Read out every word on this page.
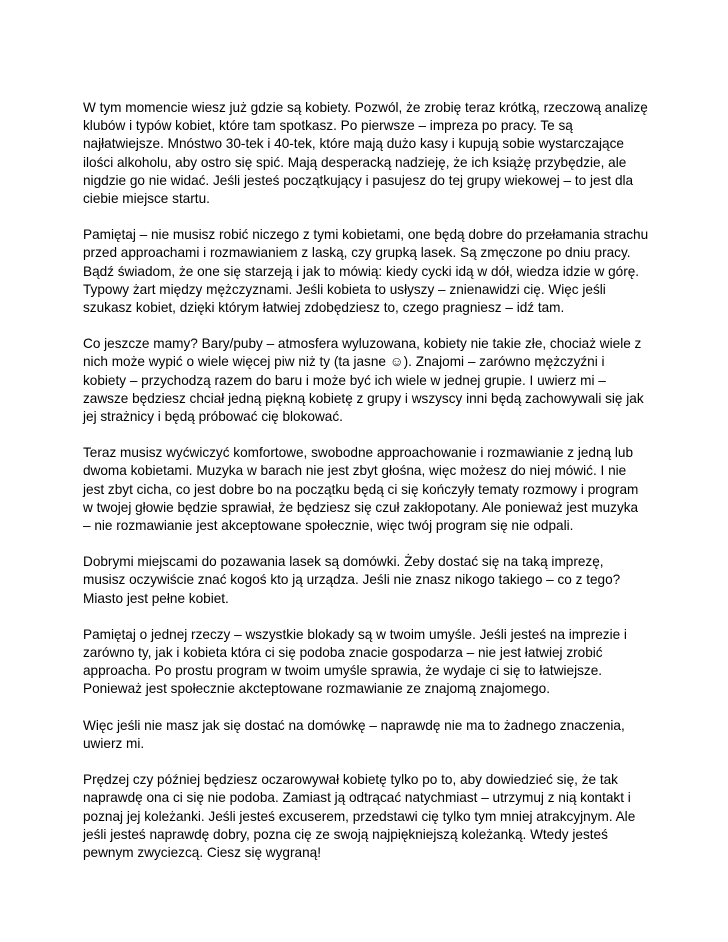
W tym momencie wiesz już gdzie są kobiety. Pozwól, że zrobię teraz krótką, rzeczową analizę klubów i typów kobiet, które tam spotkasz. Po pierwsze – impreza po pracy. Te są najłatwiejsze. Mnóstwo 30-tek i 40-tek, które mają dużo kasy i kupują sobie wystarczające ilości alkoholu, aby ostro się spić. Mają desperacką nadzieję, że ich książę przybędzie, ale nigdzie go nie widać. Jeśli jesteś początkujący i pasujesz do tej grupy wiekowej – to jest dla ciebie miejsce startu.

Pamiętaj – nie musisz robić niczego z tymi kobietami, one będą dobre do przełamania strachu przed approachami i rozmawianiem z laską, czy grupką lasek. Są zmęczone po dniu pracy. Bądź świadom, że one się starzeją i jak to mówią: kiedy cycki idą w dół, wiedza idzie w górę. Typowy żart między mężczyznami. Jeśli kobieta to usłyszy – znienawidzi cię. Więc jeśli szukasz kobiet, dzięki którym łatwiej zdobędziesz to, czego pragniesz – idź tam.

Co jeszcze mamy? Bary/puby – atmosfera wyluzowana, kobiety nie takie złe, chociaż wiele z nich może wypić o wiele więcej piw niż ty (ta jasne ☺). Znajomi – zarówno mężczyźni i kobiety – przychodzą razem do baru i może być ich wiele w jednej grupie. I uwierz mi – zawsze będziesz chciał jedną piękną kobietę z grupy i wszyscy inni będą zachowywali się jak jej strażnicy i będą próbować cię blokować.

Teraz musisz wyćwiczyć komfortowe, swobodne approachowanie i rozmawianie z jedną lub dwoma kobietami. Muzyka w barach nie jest zbyt głośna, więc możesz do niej mówić. I nie jest zbyt cicha, co jest dobre bo na początku będą ci się kończyły tematy rozmowy i program w twojej głowie będzie sprawiał, że będziesz się czuł zakłopotany. Ale ponieważ jest muzyka – nie rozmawianie jest akceptowane społecznie, więc twój program się nie odpali.

Dobrymi miejscami do pozawania lasek są domówki. Żeby dostać się na taką imprezę, musisz oczywiście znać kogoś kto ją urządza. Jeśli nie znasz nikogo takiego – co z tego? Miasto jest pełne kobiet.

Pamiętaj o jednej rzeczy – wszystkie blokady są w twoim umyśle. Jeśli jesteś na imprezie i zarówno ty, jak i kobieta która ci się podoba znacie gospodarza – nie jest łatwiej zrobić approacha. Po prostu program w twoim umyśle sprawia, że wydaje ci się to łatwiejsze. Ponieważ jest społecznie akcteptowane rozmawianie ze znajomą znajomego.

Więc jeśli nie masz jak się dostać na domówkę – naprawdę nie ma to żadnego znaczenia, uwierz mi.

Prędzej czy później będziesz oczarowywał kobietę tylko po to, aby dowiedzieć się, że tak naprawdę ona ci się nie podoba. Zamiast ją odtrącać natychmiast – utrzymuj z nią kontakt i poznaj jej koleżanki. Jeśli jesteś excuserem, przedstawi cię tylko tym mniej atrakcyjnym. Ale jeśli jesteś naprawdę dobry, pozna cię ze swoją najpiękniejszą koleżanką. Wtedy jesteś pewnym zwyciezcą. Ciesz się wygraną!
